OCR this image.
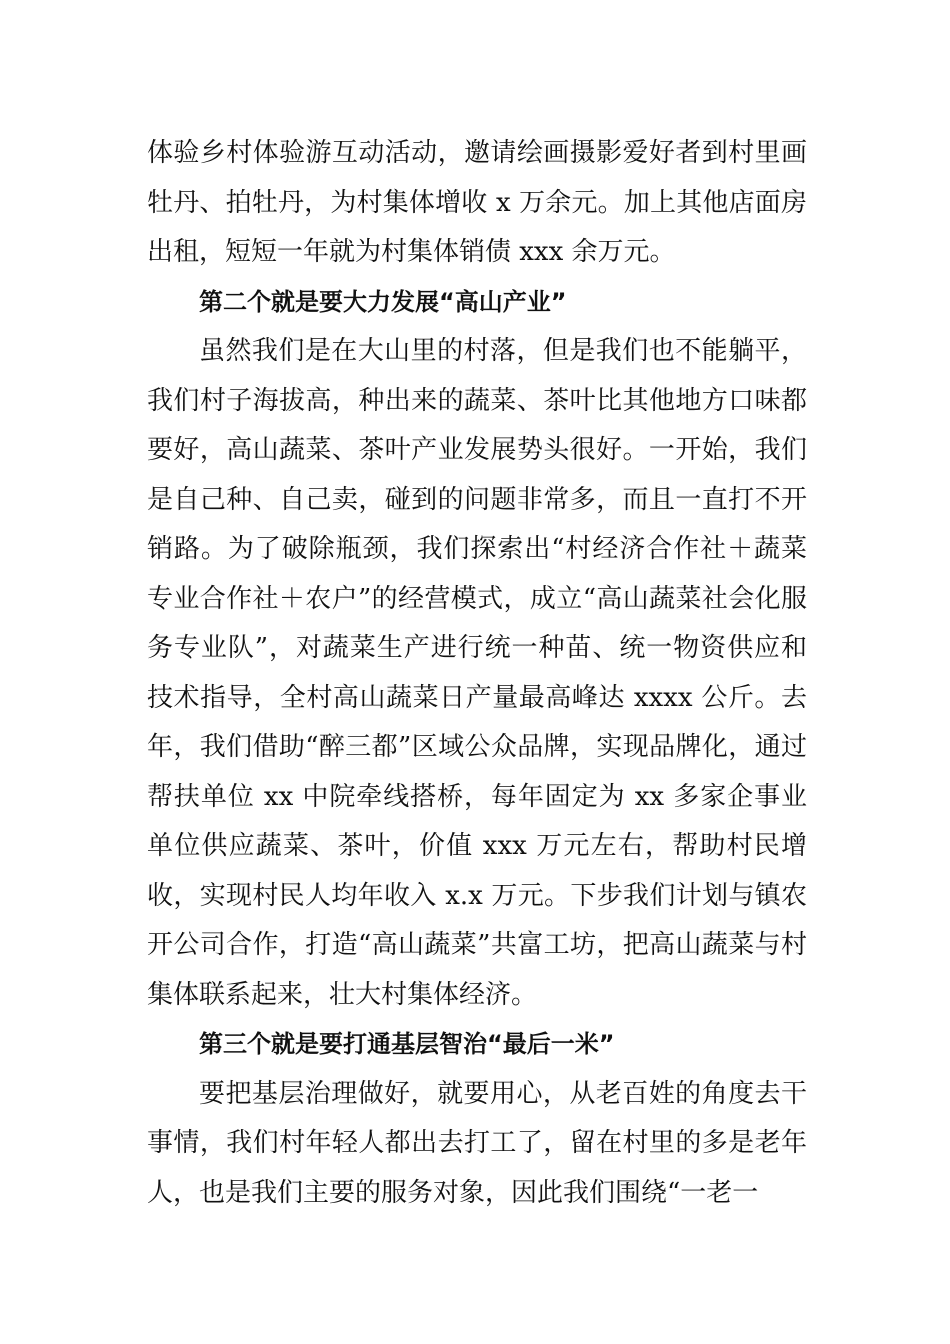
体验乡村体验游互动活动，邀请绘画摄影爱好者到村里画牡丹、拍牡丹，为村集体增收 x 万余元。加上其他店面房出租，短短一年就为村集体销债 xxx 余万元。

第二个就是要大力发展“高山产业”

虽然我们是在大山里的村落，但是我们也不能躺平，我们村子海拔高，种出来的蔬菜、茶叶比其他地方口味都要好，高山蔬菜、茶叶产业发展势头很好。一开始，我们是自己种、自己卖，碰到的问题非常多，而且一直打不开销路。为了破除瓶颈，我们探索出“村经济合作社＋蔬菜专业合作社＋农户”的经营模式，成立“高山蔬菜社会化服务专业队”，对蔬菜生产进行统一种苗、统一物资供应和技术指导，全村高山蔬菜日产量最高峰达 xxxx 公斤。去年，我们借助“醉三都”区域公众品牌，实现品牌化，通过帮扶单位 xx 中院牵线搭桥，每年固定为 xx 多家企事业单位供应蔬菜、茶叶，价值 xxx 万元左右，帮助村民增收，实现村民人均年收入 x.x 万元。下步我们计划与镇农开公司合作，打造“高山蔬菜”共富工坊，把高山蔬菜与村集体联系起来，壮大村集体经济。

第三个就是要打通基层智治“最后一米”

要把基层治理做好，就要用心，从老百姓的角度去干事情，我们村年轻人都出去打工了，留在村里的多是老年人，也是我们主要的服务对象，因此我们围绕“一老一
